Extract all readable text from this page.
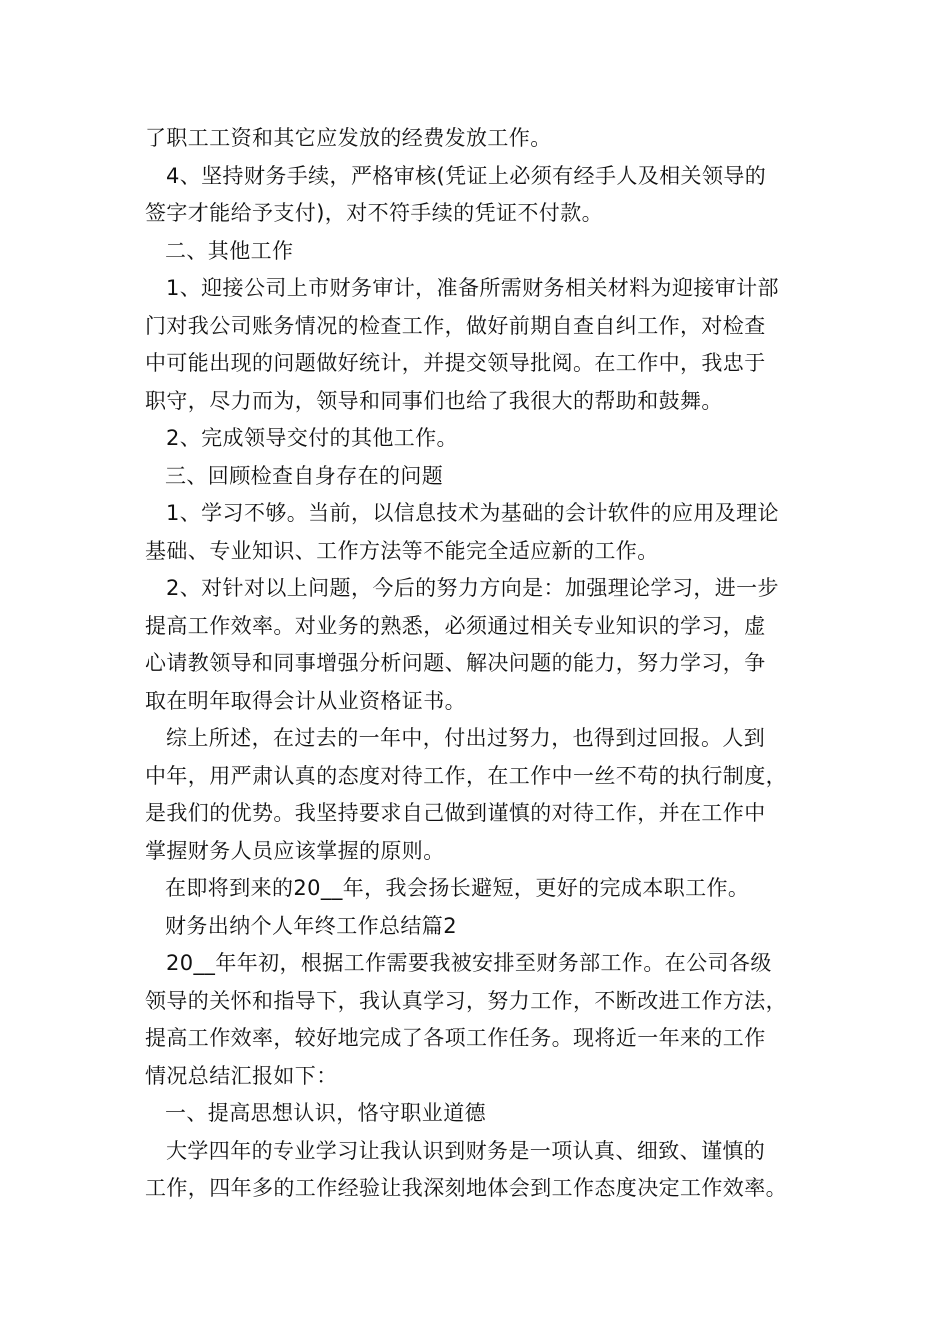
了职工工资和其它应发放的经费发放工作。
4、坚持财务手续，严格审核(凭证上必须有经手人及相关领导的
签字才能给予支付)，对不符手续的凭证不付款。
二、其他工作
1、迎接公司上市财务审计，准备所需财务相关材料为迎接审计部
门对我公司账务情况的检查工作，做好前期自查自纠工作，对检查
中可能出现的问题做好统计，并提交领导批阅。在工作中，我忠于
职守，尽力而为，领导和同事们也给了我很大的帮助和鼓舞。
2、完成领导交付的其他工作。
三、回顾检查自身存在的问题
1、学习不够。当前，以信息技术为基础的会计软件的应用及理论
基础、专业知识、工作方法等不能完全适应新的工作。
2、对针对以上问题，今后的努力方向是：加强理论学习，进一步
提高工作效率。对业务的熟悉，必须通过相关专业知识的学习，虚
心请教领导和同事增强分析问题、解决问题的能力，努力学习，争
取在明年取得会计从业资格证书。
综上所述，在过去的一年中，付出过努力，也得到过回报。人到
中年，用严肃认真的态度对待工作，在工作中一丝不苟的执行制度，
是我们的优势。我坚持要求自己做到谨慎的对待工作，并在工作中
掌握财务人员应该掌握的原则。
在即将到来的20__年，我会扬长避短，更好的完成本职工作。
财务出纳个人年终工作总结篇2
20__年年初，根据工作需要我被安排至财务部工作。在公司各级
领导的关怀和指导下，我认真学习，努力工作，不断改进工作方法，
提高工作效率，较好地完成了各项工作任务。现将近一年来的工作
情况总结汇报如下：
一、提高思想认识，恪守职业道德
大学四年的专业学习让我认识到财务是一项认真、细致、谨慎的
工作，四年多的工作经验让我深刻地体会到工作态度决定工作效率。
